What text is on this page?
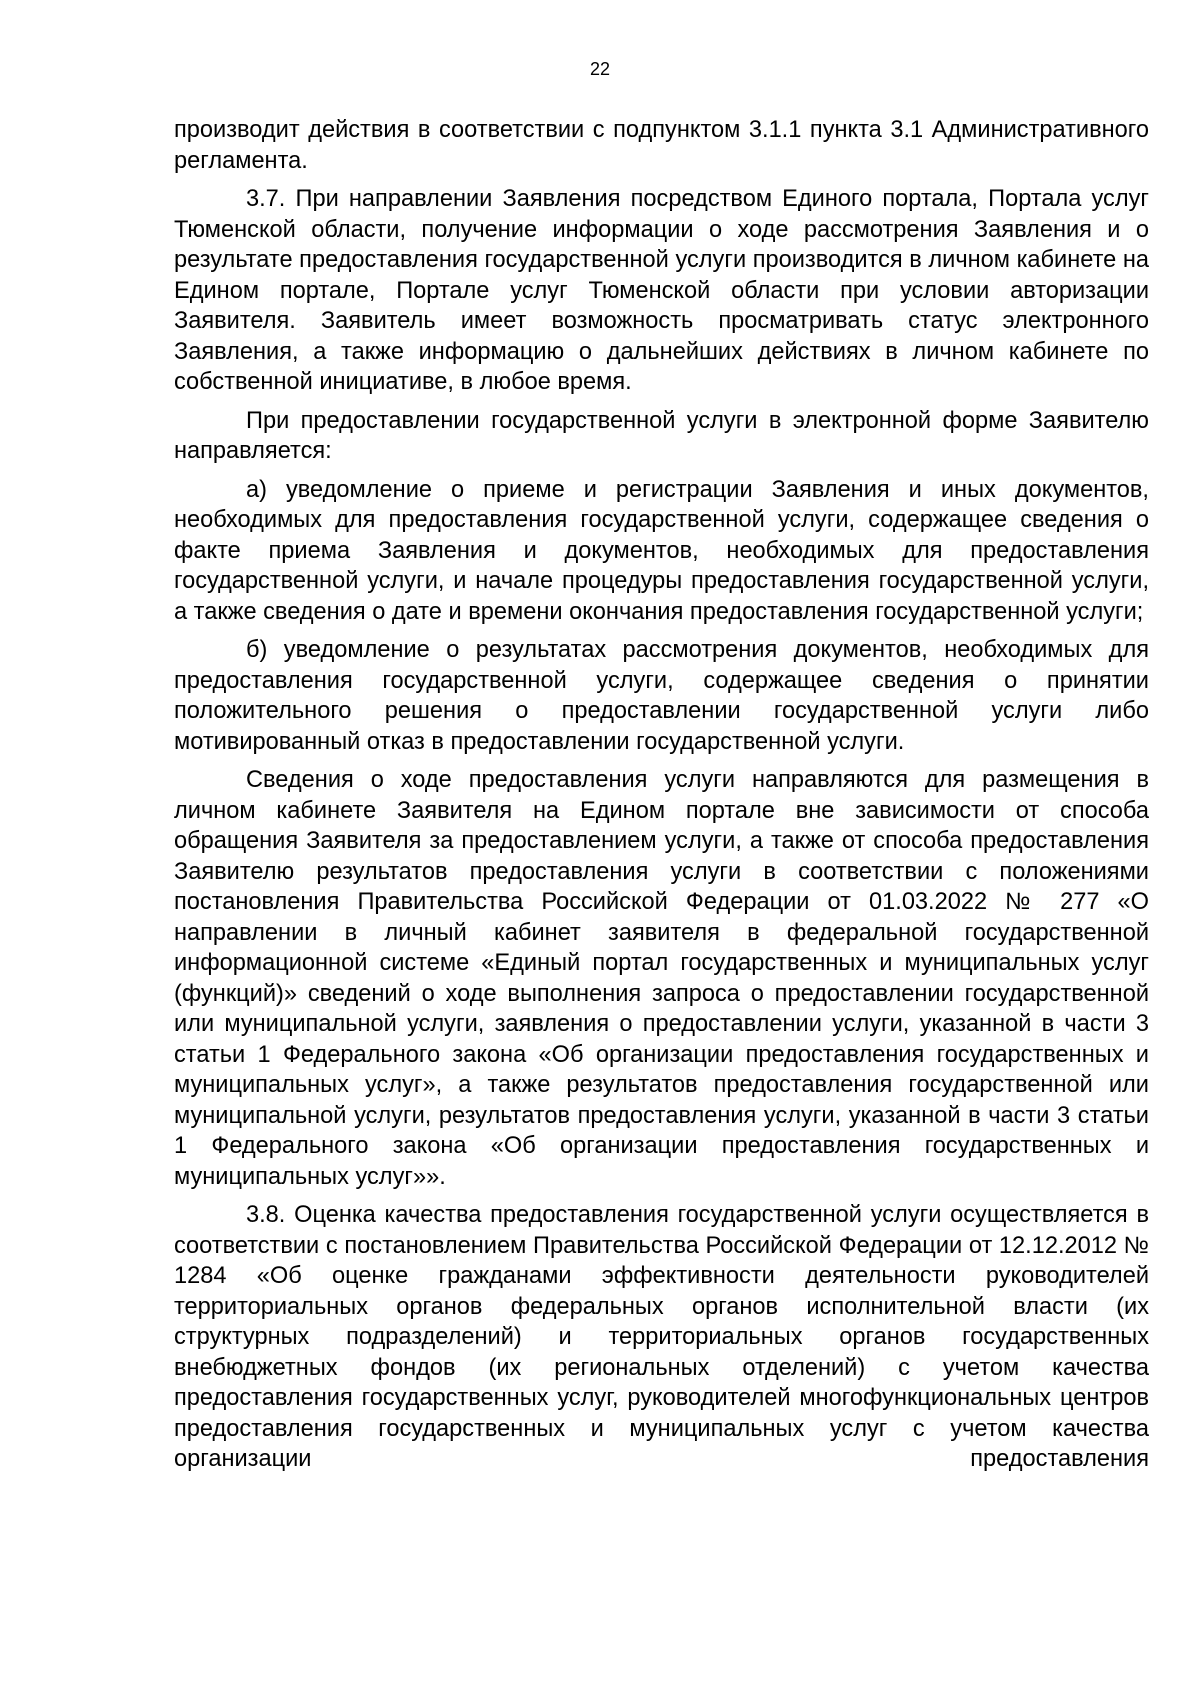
22

производит действия в соответствии с подпунктом 3.1.1 пункта 3.1 Административного регламента.

3.7. При направлении Заявления посредством Единого портала, Портала услуг Тюменской области, получение информации о ходе рассмотрения Заявления и о результате предоставления государственной услуги производится в личном кабинете на Едином портале, Портале услуг Тюменской области при условии авторизации Заявителя. Заявитель имеет возможность просматривать статус электронного Заявления, а также информацию о дальнейших действиях в личном кабинете по собственной инициативе, в любое время.

При предоставлении государственной услуги в электронной форме Заявителю направляется:

а) уведомление о приеме и регистрации Заявления и иных документов, необходимых для предоставления государственной услуги, содержащее сведения о факте приема Заявления и документов, необходимых для предоставления государственной услуги, и начале процедуры предоставления государственной услуги, а также сведения о дате и времени окончания предоставления государственной услуги;

б) уведомление о результатах рассмотрения документов, необходимых для предоставления государственной услуги, содержащее сведения о принятии положительного решения о предоставлении государственной услуги либо мотивированный отказ в предоставлении государственной услуги.

Сведения о ходе предоставления услуги направляются для размещения в личном кабинете Заявителя на Едином портале вне зависимости от способа обращения Заявителя за предоставлением услуги, а также от способа предоставления Заявителю результатов предоставления услуги в соответствии с положениями постановления Правительства Российской Федерации от 01.03.2022 № 277 «О направлении в личный кабинет заявителя в федеральной государственной информационной системе «Единый портал государственных и муниципальных услуг (функций)» сведений о ходе выполнения запроса о предоставлении государственной или муниципальной услуги, заявления о предоставлении услуги, указанной в части 3 статьи 1 Федерального закона «Об организации предоставления государственных и муниципальных услуг», а также результатов предоставления государственной или муниципальной услуги, результатов предоставления услуги, указанной в части 3 статьи 1 Федерального закона «Об организации предоставления государственных и муниципальных услуг»».

3.8. Оценка качества предоставления государственной услуги осуществляется в соответствии с постановлением Правительства Российской Федерации от 12.12.2012 № 1284 «Об оценке гражданами эффективности деятельности руководителей территориальных органов федеральных органов исполнительной власти (их структурных подразделений) и территориальных органов государственных внебюджетных фондов (их региональных отделений) с учетом качества предоставления государственных услуг, руководителей многофункциональных центров предоставления государственных и муниципальных услуг с учетом качества организации предоставления
